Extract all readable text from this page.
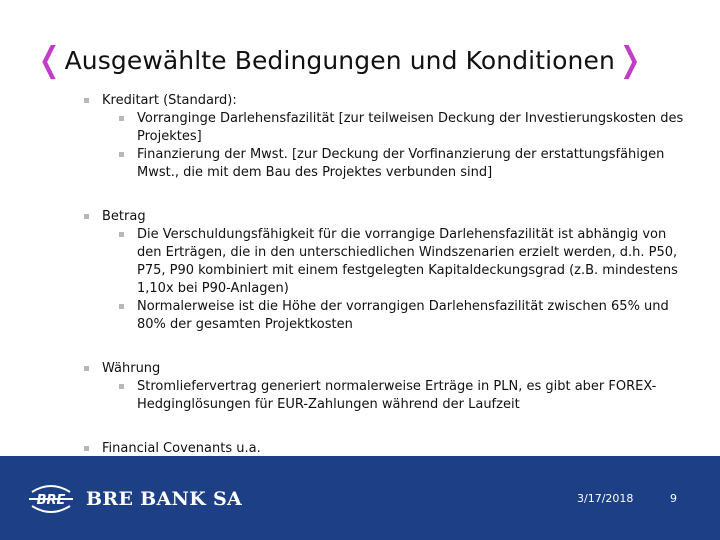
❬ Ausgewählte Bedingungen und Konditionen ❭
Kreditart (Standard):
Vorranginge Darlehensfazilität [zur teilweisen Deckung der Investierungskosten des Projektes]
Finanzierung der Mwst. [zur Deckung der Vorfinanzierung der erstattungsfähigen Mwst., die mit dem Bau des Projektes verbunden sind]
Betrag
Die Verschuldungsfähigkeit für die vorrangige Darlehensfazilität ist abhängig von den Erträgen, die in den unterschiedlichen Windszenarien erzielt werden, d.h. P50, P75, P90 kombiniert mit einem festgelegten Kapitaldeckungsgrad (z.B. mindestens 1,10x bei P90-Anlagen)
Normalerweise ist die Höhe der vorrangigen Darlehensfazilität zwischen 65% und 80% der gesamten Projektkosten
Währung
Stromliefervertrag generiert normalerweise Erträge in PLN, es gibt aber FOREX-Hedginglösungen für EUR-Zahlungen während der Laufzeit
Financial Covenants u.a.
BRE BRE BANK SA	3/17/2018	9
